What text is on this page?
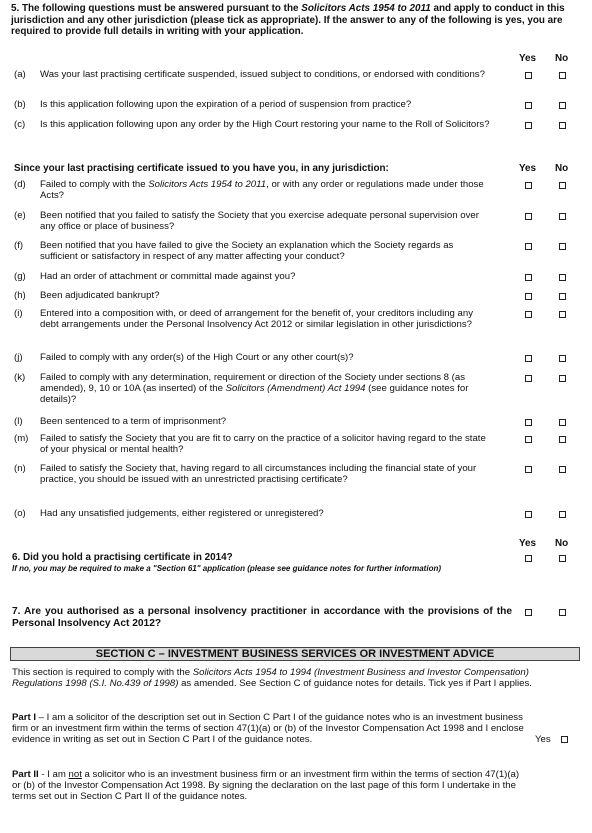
5. The following questions must be answered pursuant to the Solicitors Acts 1954 to 2011 and apply to conduct in this jurisdiction and any other jurisdiction (please tick as appropriate). If the answer to any of the following is yes, you are required to provide full details in writing with your application.
Yes No
(a)	Was your last practising certificate suspended, issued subject to conditions, or endorsed with conditions?
(b)	Is this application following upon the expiration of a period of suspension from practice?
(c)	Is this application following upon any order by the High Court restoring your name to the Roll of Solicitors?
Since your last practising certificate issued to you have you, in any jurisdiction:	Yes No
(d)	Failed to comply with the Solicitors Acts 1954 to 2011, or with any order or regulations made under those Acts?
(e)	Been notified that you failed to satisfy the Society that you exercise adequate personal supervision over any office or place of business?
(f)	Been notified that you have failed to give the Society an explanation which the Society regards as sufficient or satisfactory in respect of any matter affecting your conduct?
(g)	Had an order of attachment or committal made against you?
(h)	Been adjudicated bankrupt?
(i)	Entered into a composition with, or deed of arrangement for the benefit of, your creditors including any debt arrangements under the Personal Insolvency Act 2012 or similar legislation in other jurisdictions?
(j)	Failed to comply with any order(s) of the High Court or any other court(s)?
(k)	Failed to comply with any determination, requirement or direction of the Society under sections 8 (as amended), 9, 10 or 10A (as inserted) of the Solicitors (Amendment) Act 1994 (see guidance notes for details)?
(l)	Been sentenced to a term of imprisonment?
(m)	Failed to satisfy the Society that you are fit to carry on the practice of a solicitor having regard to the state of your physical or mental health?
(n)	Failed to satisfy the Society that, having regard to all circumstances including the financial state of your practice, you should be issued with an unrestricted practising certificate?
(o)	Had any unsatisfied judgements, either registered or unregistered?
Yes No
6. Did you hold a practising certificate in 2014?
If no, you may be required to make a "Section 61" application (please see guidance notes for further information)
7. Are you authorised as a personal insolvency practitioner in accordance with the provisions of the Personal Insolvency Act 2012?
SECTION C – INVESTMENT BUSINESS SERVICES OR INVESTMENT ADVICE
This section is required to comply with the Solicitors Acts 1954 to 1994 (Investment Business and Investor Compensation) Regulations 1998 (S.I. No.439 of 1998) as amended. See Section C of guidance notes for details. Tick yes if Part I applies.
Part I – I am a solicitor of the description set out in Section C Part I of the guidance notes who is an investment business firm or an investment firm within the terms of section 47(1)(a) or (b) of the Investor Compensation Act 1998 and I enclose evidence in writing as set out in Section C Part I of the guidance notes.	Yes
Part II - I am not a solicitor who is an investment business firm or an investment firm within the terms of section 47(1)(a) or (b) of the Investor Compensation Act 1998. By signing the declaration on the last page of this form I undertake in the terms set out in Section C Part II of the guidance notes.
